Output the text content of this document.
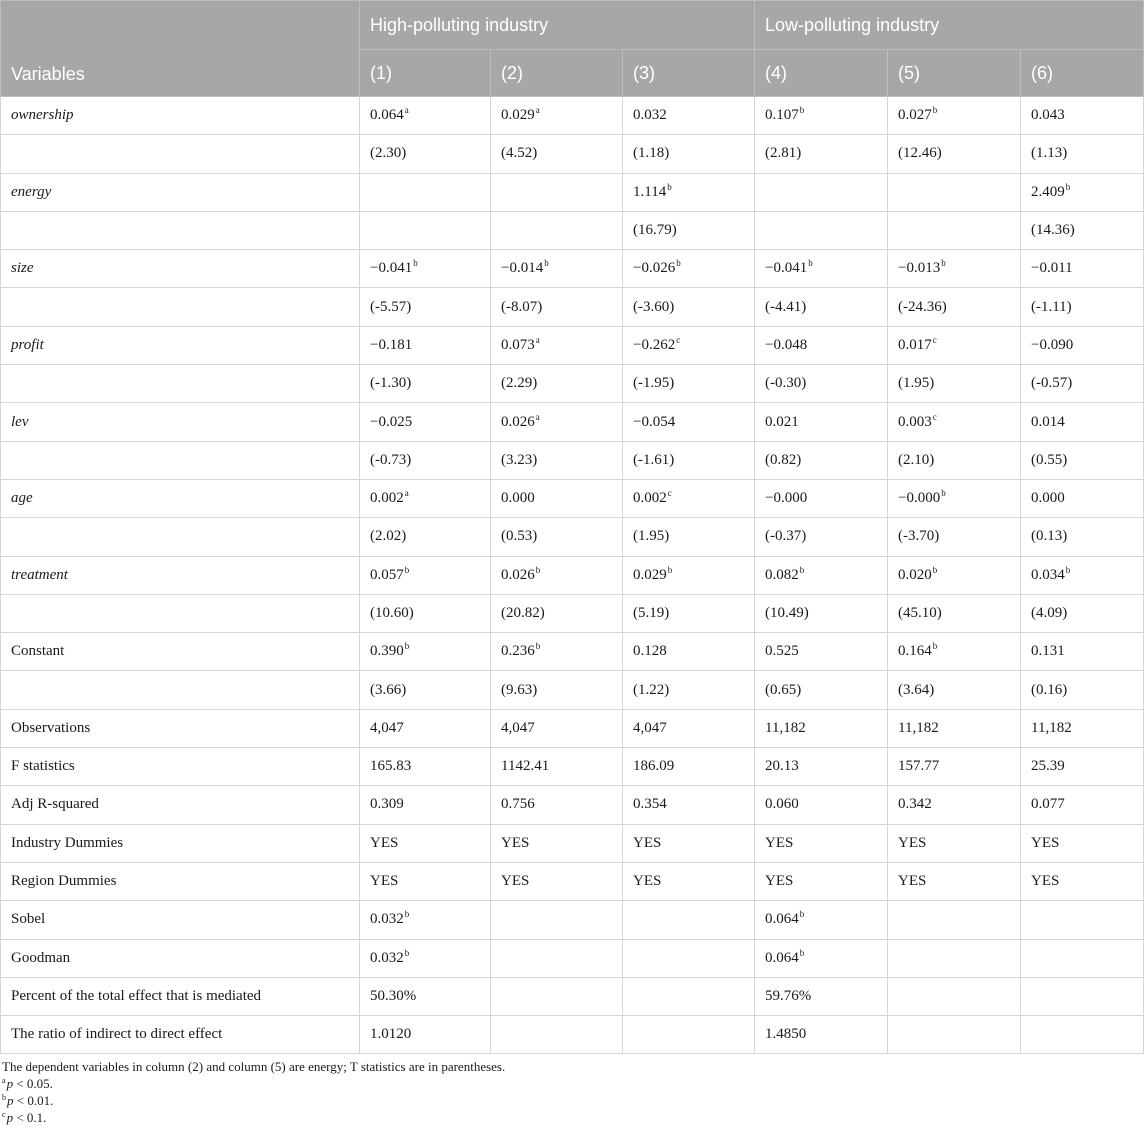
Variables	High-polluting industry			Low-polluting industry		
	(1)	(2)	(3)	(4)	(5)	(6)
ownership	0.064$^a$	0.029$^a$	0.032	0.107$^b$	0.027$^b$	0.043
	(2.30)	(4.52)	(1.18)	(2.81)	(12.46)	(1.13)
energy			1.114$^b$			2.409$^b$
			(16.79)			(14.36)
size	−0.041$^b$	−0.014$^b$	−0.026$^b$	−0.041$^b$	−0.013$^b$	−0.011
	(-5.57)	(-8.07)	(-3.60)	(-4.41)	(-24.36)	(-1.11)
profit	−0.181	0.073$^a$	−0.262$^c$	−0.048	0.017$^c$	−0.090
	(-1.30)	(2.29)	(-1.95)	(-0.30)	(1.95)	(-0.57)
lev	−0.025	0.026$^a$	−0.054	0.021	0.003$^c$	0.014
	(-0.73)	(3.23)	(-1.61)	(0.82)	(2.10)	(0.55)
age	0.002$^a$	0.000	0.002$^c$	−0.000	−0.000$^b$	0.000
	(2.02)	(0.53)	(1.95)	(-0.37)	(-3.70)	(0.13)
treatment	0.057$^b$	0.026$^b$	0.029$^b$	0.082$^b$	0.020$^b$	0.034$^b$
	(10.60)	(20.82)	(5.19)	(10.49)	(45.10)	(4.09)
Constant	0.390$^b$	0.236$^b$	0.128	0.525	0.164$^b$	0.131
	(3.66)	(9.63)	(1.22)	(0.65)	(3.64)	(0.16)
Observations	4,047	4,047	4,047	11,182	11,182	11,182
F statistics	165.83	1142.41	186.09	20.13	157.77	25.39
Adj R-squared	0.309	0.756	0.354	0.060	0.342	0.077
Industry Dummies	YES	YES	YES	YES	YES	YES
Region Dummies	YES	YES	YES	YES	YES	YES
Sobel	0.032$^b$			0.064$^b$		
Goodman	0.032$^b$			0.064$^b$		
Percent of the total effect that is mediated	50.30%			59.76%		
The ratio of indirect to direct effect	1.0120			1.4850		
The dependent variables in column (2) and column (5) are energy; T statistics are in parentheses.
$^a$p < 0.05.
$^b$p < 0.01.
$^c$p < 0.1.
